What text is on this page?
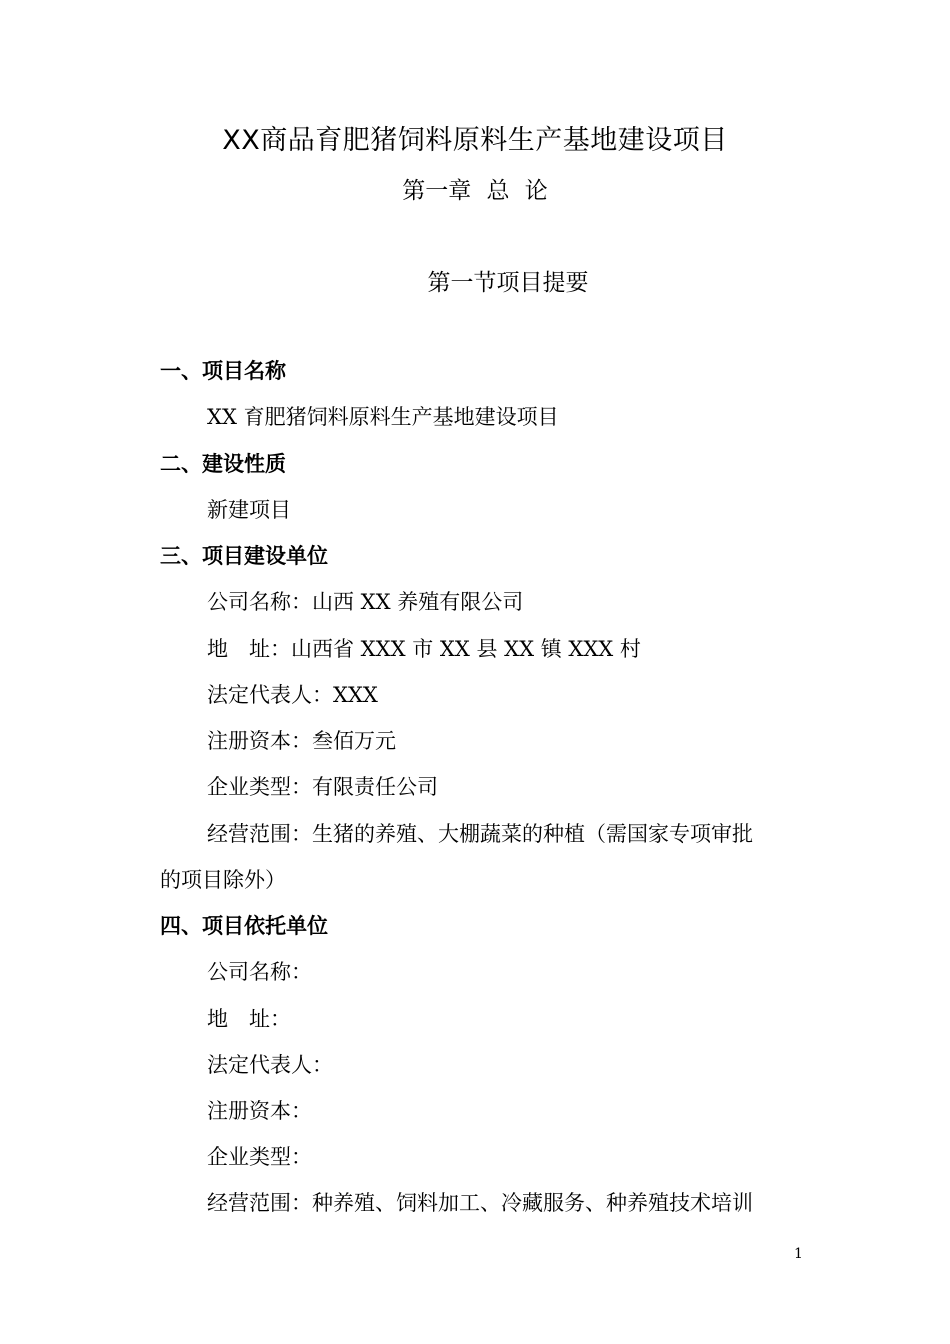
XX商品育肥猪饲料原料生产基地建设项目
第一章 总 论
第一节项目提要
一、项目名称
XX 育肥猪饲料原料生产基地建设项目
二、建设性质
新建项目
三、项目建设单位
公司名称：山西 XX 养殖有限公司
地　址：山西省 XXX 市 XX 县 XX 镇 XXX 村
法定代表人：XXX
注册资本：叁佰万元
企业类型：有限责任公司
经营范围：生猪的养殖、大棚蔬菜的种植（需国家专项审批
的项目除外）
四、项目依托单位
公司名称：
地　址：
法定代表人：
注册资本：
企业类型：
经营范围：种养殖、饲料加工、冷藏服务、种养殖技术培训
1
